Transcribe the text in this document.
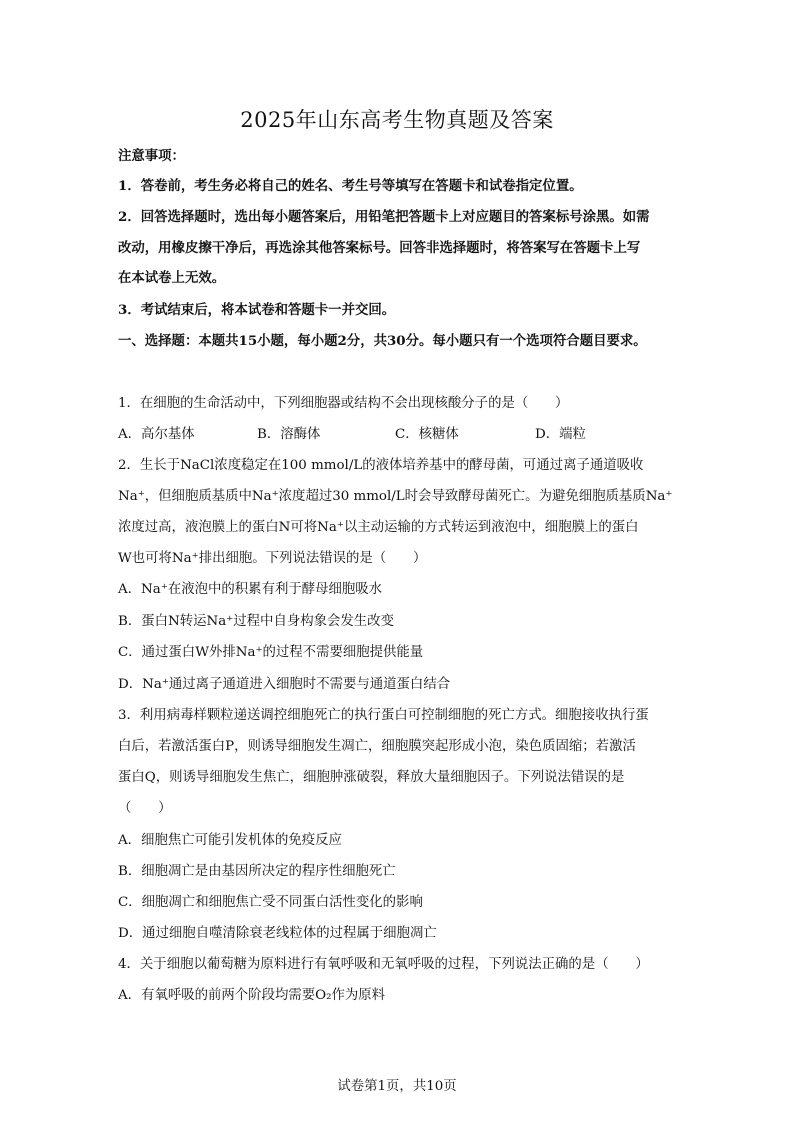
2025年山东高考生物真题及答案
注意事项：
1．答卷前，考生务必将自己的姓名、考生号等填写在答题卡和试卷指定位置。
2．回答选择题时，选出每小题答案后，用铅笔把答题卡上对应题目的答案标号涂黑。如需
改动，用橡皮擦干净后，再选涂其他答案标号。回答非选择题时，将答案写在答题卡上写
在本试卷上无效。
3．考试结束后，将本试卷和答题卡一并交回。
一、选择题：本题共15小题，每小题2分，共30分。每小题只有一个选项符合题目要求。
1．在细胞的生命活动中，下列细胞器或结构不会出现核酸分子的是（　　）
A．高尔基体	B．溶酶体	C．核糖体	D．端粒
2．生长于NaCl浓度稳定在100 mmol/L的液体培养基中的酵母菌，可通过离子通道吸收
Na⁺，但细胞质基质中Na⁺浓度超过30 mmol/L时会导致酵母菌死亡。为避免细胞质基质Na⁺
浓度过高，液泡膜上的蛋白N可将Na⁺以主动运输的方式转运到液泡中，细胞膜上的蛋白
W也可将Na⁺排出细胞。下列说法错误的是（　　）
A．Na⁺在液泡中的积累有利于酵母细胞吸水
B．蛋白N转运Na⁺过程中自身构象会发生改变
C．通过蛋白W外排Na⁺的过程不需要细胞提供能量
D．Na⁺通过离子通道进入细胞时不需要与通道蛋白结合
3．利用病毒样颗粒递送调控细胞死亡的执行蛋白可控制细胞的死亡方式。细胞接收执行蛋
白后，若激活蛋白P，则诱导细胞发生凋亡，细胞膜突起形成小泡，染色质固缩；若激活
蛋白Q，则诱导细胞发生焦亡，细胞肿涨破裂，释放大量细胞因子。下列说法错误的是
（　　）
A．细胞焦亡可能引发机体的免疫反应
B．细胞凋亡是由基因所决定的程序性细胞死亡
C．细胞凋亡和细胞焦亡受不同蛋白活性变化的影响
D．通过细胞自噬清除衰老线粒体的过程属于细胞凋亡
4．关于细胞以葡萄糖为原料进行有氧呼吸和无氧呼吸的过程，下列说法正确的是（　　）
A．有氧呼吸的前两个阶段均需要O₂作为原料
试卷第1页，共10页
